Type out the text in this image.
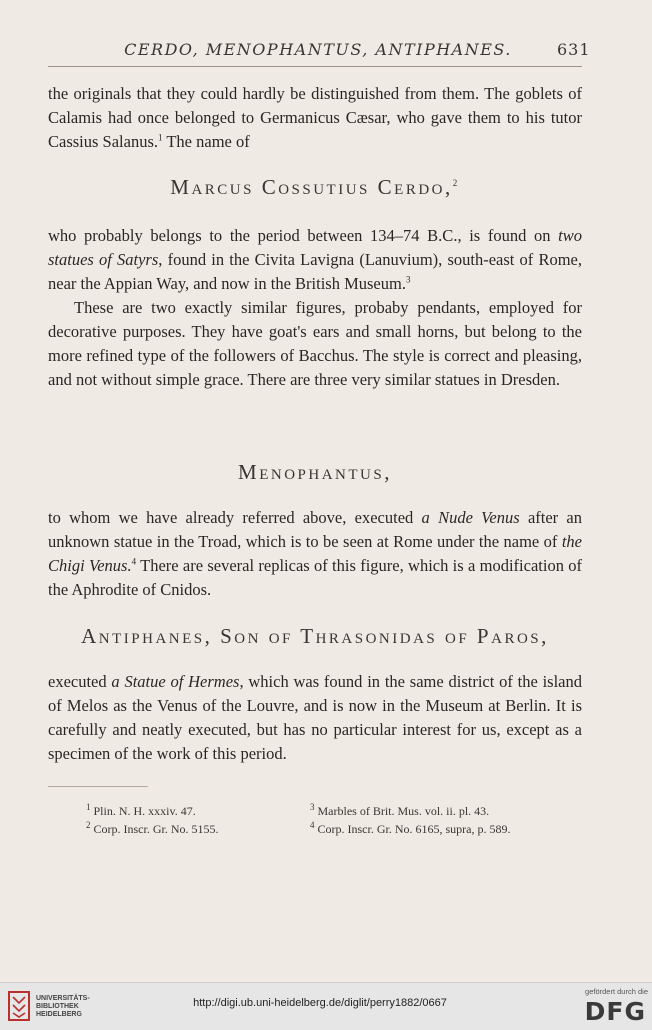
CERDO, MENOPHANTUS, ANTIPHANES.	631

the originals that they could hardly be distinguished from them. The goblets of Calamis had once belonged to Germanicus Cæsar, who gave them to his tutor Cassius Salanus.$^1$ The name of

Marcus Cossutius Cerdo,$^2$

who probably belongs to the period between 134–74 B.C., is found on two statues of Satyrs, found in the Civita Lavigna (Lanuvium), south-east of Rome, near the Appian Way, and now in the British Museum.$^3$

These are two exactly similar figures, probaby pendants, employed for decorative purposes. They have goat's ears and small horns, but belong to the more refined type of the followers of Bacchus. The style is correct and pleasing, and not without simple grace. There are three very similar statues in Dresden.

Menophantus,

to whom we have already referred above, executed a Nude Venus after an unknown statue in the Troad, which is to be seen at Rome under the name of the Chigi Venus.$^4$ There are several replicas of this figure, which is a modification of the Aphrodite of Cnidos.

Antiphanes, Son of Thrasonidas of Paros,

executed a Statue of Hermes, which was found in the same district of the island of Melos as the Venus of the Louvre, and is now in the Museum at Berlin. It is carefully and neatly executed, but has no particular interest for us, except as a specimen of the work of this period.

$^1$ Plin. N. H. xxxiv. 47.
$^2$ Corp. Inscr. Gr. No. 5155.
$^3$ Marbles of Brit. Mus. vol. ii. pl. 43.
$^4$ Corp. Inscr. Gr. No. 6165, supra, p. 589.
UNIVERSITÄTS-
BIBLIOTHEK
HEIDELBERG
http://digi.ub.uni-heidelberg.de/diglit/perry1882/0667
gefördert durch die
DFG
